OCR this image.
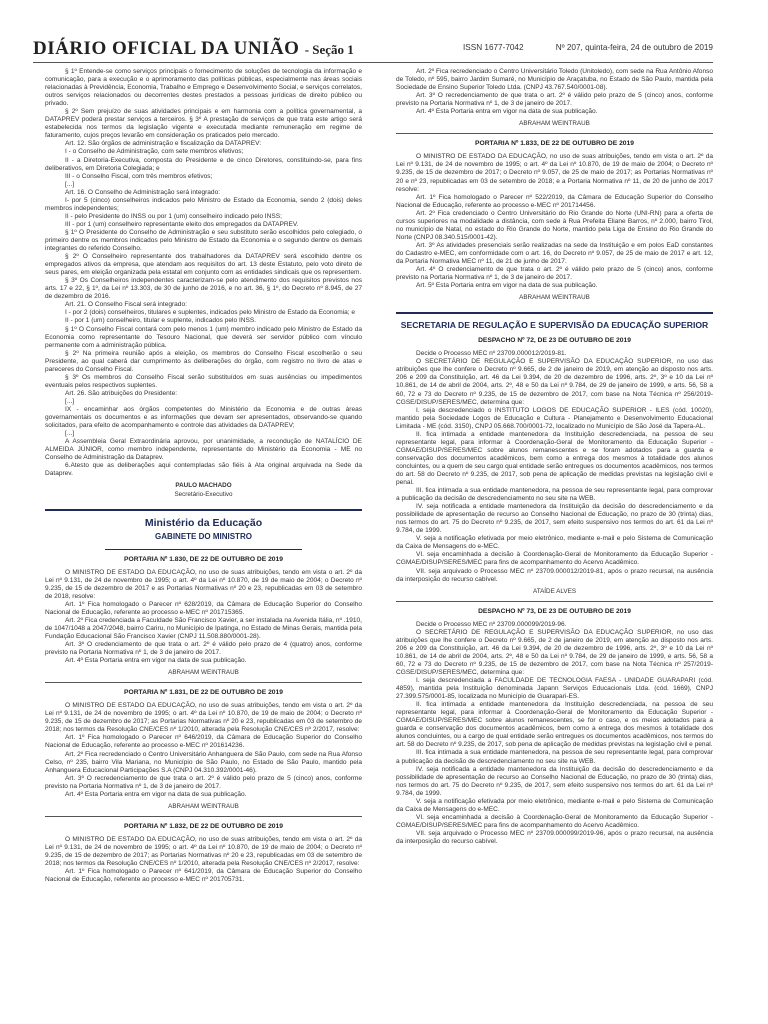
DIÁRIO OFICIAL DA UNIÃO - Seção 1	ISSN 1677-7042	Nº 207, quinta-feira, 24 de outubro de 2019

§ 1º Entende-se como serviços principais o fornecimento de soluções de tecnologia da informação e comunicação, para a execução e o aprimoramento das políticas públicas, especialmente nas áreas sociais relacionadas à Previdência, Economia, Trabalho e Emprego e Desenvolvimento Social, e serviços correlatos, outros serviços relacionados ou decorrentes destes prestados a pessoas jurídicas de direito público ou privado.

§ 2º Sem prejuízo de suas atividades principais e em harmonia com a política governamental, a DATAPREV poderá prestar serviços a terceiros. § 3º A prestação de serviços de que trata este artigo será estabelecida nos termos da legislação vigente e executada mediante remuneração em regime de faturamento, cujos preços levarão em consideração os praticados pelo mercado.

Art. 12. São órgãos de administração e fiscalização da DATAPREV:

I - o Conselho de Administração, com sete membros efetivos;

II - a Diretoria-Executiva, composta do Presidente e de cinco Diretores, constituindo-se, para fins deliberativos, em Diretoria Colegiada; e

III - o Conselho Fiscal, com três membros efetivos;

[...]

Art. 16. O Conselho de Administração será integrado:

I- por 5 (cinco) conselheiros indicados pelo Ministro de Estado da Economia, sendo 2 (dois) deles membros independentes;

II - pelo Presidente do INSS ou por 1 (um) conselheiro indicado pelo INSS;

III - por 1 (um) conselheiro representante eleito dos empregados da DATAPREV.

§ 1º O Presidente do Conselho de Administração e seu substituto serão escolhidos pelo colegiado, o primeiro dentre os membros indicados pelo Ministro de Estado da Economia e o segundo dentre os demais integrantes do referido Conselho.

§ 2º O Conselheiro representante dos trabalhadores da DATAPREV será escolhido dentre os empregados ativos da empresa, que atendam aos requisitos do art. 13 deste Estatuto, pelo voto direto de seus pares, em eleição organizada pela estatal em conjunto com as entidades sindicais que os representem.

§ 3º Os Conselheiros independentes caracterizam-se pelo atendimento dos requisitos previstos nos arts. 17 e 22, § 1º, da Lei nº 13.303, de 30 de junho de 2016, e no art. 36, § 1º, do Decreto nº 8.945, de 27 de dezembro de 2016.

Art. 21. O Conselho Fiscal será integrado:

I - por 2 (dois) conselheiros, titulares e suplentes, indicados pelo Ministro de Estado da Economia; e

II - por 1 (um) conselheiro, titular e suplente, indicados pelo INSS.

§ 1º O Conselho Fiscal contará com pelo menos 1 (um) membro indicado pelo Ministro de Estado da Economia como representante do Tesouro Nacional, que deverá ser servidor público com vínculo permanente com a administração pública.

§ 2º Na primeira reunião após a eleição, os membros do Conselho Fiscal escolherão o seu Presidente, ao qual caberá dar cumprimento às deliberações do órgão, com registro no livro de atas e pareceres do Conselho Fiscal.

§ 3º Os membros do Conselho Fiscal serão substituídos em suas ausências ou impedimentos eventuais pelos respectivos suplentes.

Art. 26. São atribuições do Presidente:

[...]

IX - encaminhar aos órgãos competentes do Ministério da Economia e de outras áreas governamentais os documentos e as informações que devam ser apresentados, observando-se quando solicitados, para efeito de acompanhamento e controle das atividades da DATAPREV;

[...]

A Assembleia Geral Extraordinária aprovou, por unanimidade, a recondução de NATALÍCIO DE ALMEIDA JÚNIOR, como membro independente, representante do Ministério da Economia - ME no Conselho de Administração da Dataprev.

6.Atesto que as deliberações aqui contempladas são fiéis à Ata original arquivada na Sede da Dataprev.

PAULO MACHADO
Secretário-Executivo
Ministério da Educação
GABINETE DO MINISTRO
PORTARIA Nº 1.830, DE 22 DE OUTUBRO DE 2019

O MINISTRO DE ESTADO DA EDUCAÇÃO, no uso de suas atribuições, tendo em vista o art. 2º da Lei nº 9.131, de 24 de novembro de 1995; o art. 4º da Lei nº 10.870, de 19 de maio de 2004; o Decreto nº 9.235, de 15 de dezembro de 2017 e as Portarias Normativas nº 20 e 23, republicadas em 03 de setembro de 2018, resolve:

Art. 1º Fica homologado o Parecer nº 628/2019, da Câmara de Educação Superior do Conselho Nacional de Educação, referente ao processo e-MEC nº 201715365.

Art. 2º Fica credenciada a Faculdade São Francisco Xavier, a ser instalada na Avenida Itália, nº .1910, de 1047/1048 a 2047/2048, bairro Cariru, no Município de Ipatinga, no Estado de Minas Gerais, mantida pela Fundação Educacional São Francisco Xavier (CNPJ 11.508.880/0001-28).

Art. 3º O credenciamento de que trata o art. 2º é válido pelo prazo de 4 (quatro) anos, conforme previsto na Portaria Normativa nº 1, de 3 de janeiro de 2017.

Art. 4º Esta Portaria entra em vigor na data de sua publicação.

ABRAHAM WEINTRAUB
PORTARIA Nº 1.831, DE 22 DE OUTUBRO DE 2019

O MINISTRO DE ESTADO DA EDUCAÇÃO, no uso de suas atribuições, tendo em vista o art. 2º da Lei nº 9.131, de 24 de novembro de 1995; o art. 4º da Lei nº 10.870, de 19 de maio de 2004; o Decreto nº 9.235, de 15 de dezembro de 2017; as Portarias Normativas nº 20 e 23, republicadas em 03 de setembro de 2018; nos termos da Resolução CNE/CES nº 1/2010, alterada pela Resolução CNE/CES nº 2/2017, resolve:

Art. 1º Fica homologado o Parecer nº 646/2019, da Câmara de Educação Superior do Conselho Nacional de Educação, referente ao processo e-MEC nº 201614236.

Art. 2º Fica recredenciado o Centro Universitário Anhanguera de São Paulo, com sede na Rua Afonso Celso, nº 235, bairro Vila Mariana, no Município de São Paulo, no Estado de São Paulo, mantido pela Anhanguera Educacional Participações S.A (CNPJ 04.310.392/0001-46).

Art. 3º O recredenciamento de que trata o art. 2º é válido pelo prazo de 5 (cinco) anos, conforme previsto na Portaria Normativa nº 1, de 3 de janeiro de 2017.

Art. 4º Esta Portaria entra em vigor na data de sua publicação.

ABRAHAM WEINTRAUB
PORTARIA Nº 1.832, DE 22 DE OUTUBRO DE 2019

O MINISTRO DE ESTADO DA EDUCAÇÃO, no uso de suas atribuições, tendo em vista o art. 2º da Lei nº 9.131, de 24 de novembro de 1995; o art. 4º da Lei nº 10.870, de 19 de maio de 2004; o Decreto nº 9.235, de 15 de dezembro de 2017; as Portarias Normativas nº 20 e 23, republicadas em 03 de setembro de 2018; nos termos da Resolução CNE/CES nº 1/2010, alterada pela Resolução CNE/CES nº 2/2017, resolve:

Art. 1º Fica homologado o Parecer nº 641/2019, da Câmara de Educação Superior do Conselho Nacional de Educação, referente ao processo e-MEC nº 201705731.

Art. 2º Fica recredenciado o Centro Universitário Toledo (Unitoledo), com sede na Rua Antônio Afonso de Toledo, nº 595, bairro Jardim Sumaré, no Município de Araçatuba, no Estado de São Paulo, mantida pela Sociedade de Ensino Superior Toledo Ltda. (CNPJ 43.767.540/0001-08).

Art. 3º O recredenciamento de que trata o art. 2º é válido pelo prazo de 5 (cinco) anos, conforme previsto na Portaria Normativa nº 1, de 3 de janeiro de 2017.

Art. 4º Esta Portaria entra em vigor na data de sua publicação.

ABRAHAM WEINTRAUB
PORTARIA Nº 1.833, DE 22 DE OUTUBRO DE 2019

O MINISTRO DE ESTADO DA EDUCAÇÃO, no uso de suas atribuições, tendo em vista o art. 2º da Lei nº 9.131, de 24 de novembro de 1995; o art. 4º da Lei nº 10.870, de 19 de maio de 2004; o Decreto nº 9.235, de 15 de dezembro de 2017; o Decreto nº 9.057, de 25 de maio de 2017; as Portarias Normativas nº 20 e nº 23, republicadas em 03 de setembro de 2018; e a Portaria Normativa nº 11, de 20 de junho de 2017 resolve:

Art. 1º Fica homologado o Parecer nº 522/2019, da Câmara de Educação Superior do Conselho Nacional de Educação, referente ao processo e-MEC nº 201714456.

Art. 2º Fica credenciado o Centro Universitário do Rio Grande do Norte (UNI-RN) para a oferta de cursos superiores na modalidade a distância, com sede à Rua Prefeita Eliane Barros, nº 2.000, bairro Tirol, no município de Natal, no estado do Rio Grande do Norte, mantido pela Liga de Ensino do Rio Grande do Norte (CNPJ 08.340.515/0001-42).

Art. 3º As atividades presenciais serão realizadas na sede da Instituição e em polos EaD constantes do Cadastro e-MEC, em conformidade com o art. 16, do Decreto nº 9.057, de 25 de maio de 2017 e art. 12, da Portaria Normativa MEC nº 11, de 21 de junho de 2017.

Art. 4º O credenciamento de que trata o art. 2º é válido pelo prazo de 5 (cinco) anos, conforme previsto na Portaria Normativa nº 1, de 3 de janeiro de 2017.

Art. 5º Esta Portaria entra em vigor na data de sua publicação.

ABRAHAM WEINTRAUB
SECRETARIA DE REGULAÇÃO E SUPERVISÃO DA EDUCAÇÃO SUPERIOR
DESPACHO Nº 72, DE 23 DE OUTUBRO DE 2019

Decide o Processo MEC nº 23709.000012/2019-81.

O SECRETÁRIO DE REGULAÇÃO E SUPERVISÃO DA EDUCAÇÃO SUPERIOR, no uso das atribuições que lhe confere o Decreto nº 9.665, de 2 de janeiro de 2019, em atenção ao disposto nos arts. 206 e 209 da Constituição, art. 46 da Lei 9.394, de 20 de dezembro de 1996, arts. 2º, 3º e 10 da Lei nº 10.861, de 14 de abril de 2004, arts. 2º, 48 e 50 da Lei nº 9.784, de 29 de janeiro de 1999, e arts. 56, 58 a 60, 72 e 73 do Decreto nº 9.235, de 15 de dezembro de 2017, com base na Nota Técnica nº 256/2019-CGSE/DISUP/SERES/MEC, determina que:

I. seja descredenciado o INSTITUTO LOGOS DE EDUCAÇÃO SUPERIOR - ILES (cód. 10020), mantido pela Sociedade Logos de Educação e Cultura - Planejamento e Desenvolvimento Educacional Limitada - ME (cód. 3150), CNPJ 05.668.700/0001-72, localizado no Município de São José da Tapera-AL.

II. fica intimada a entidade mantenedora da Instituição descredenciada, na pessoa de seu representante legal, para informar à Coordenação-Geral de Monitoramento da Educação Superior - CGMAE/DISUP/SERES/MEC sobre alunos remanescentes e se foram adotados para a guarda e conservação dos documentos acadêmicos, bem como a entrega dos mesmos à totalidade dos alunos concluintes, ou a quem de seu cargo qual entidade serão entregues os documentos acadêmicos, nos termos do art. 58 do Decreto nº 9.235, de 2017, sob pena de aplicação de medidas previstas na legislação civil e penal.

III. fica intimada a sua entidade mantenedora, na pessoa de seu representante legal, para comprovar a publicação da decisão de descredenciamento no seu site na WEB.

IV. seja notificada a entidade mantenedora da Instituição da decisão do descredenciamento e da possibilidade de apresentação de recurso ao Conselho Nacional de Educação, no prazo de 30 (trinta) dias, nos termos do art. 75 do Decreto nº 9.235, de 2017, sem efeito suspensivo nos termos do art. 61 da Lei nº 9.784, de 1999.

V. seja a notificação efetivada por meio eletrônico, mediante e-mail e pelo Sistema de Comunicação da Caixa de Mensagens do e-MEC.

VI. seja encaminhada a decisão à Coordenação-Geral de Monitoramento da Educação Superior - CGMAE/DISUP/SERES/MEC para fins de acompanhamento do Acervo Acadêmico.

VII. seja arquivado o Processo MEC nº 23709.000012/2019-81, após o prazo recursal, na ausência da interposição do recurso cabível.

ATAÍDE ALVES
DESPACHO Nº 73, DE 23 DE OUTUBRO DE 2019

Decide o Processo MEC nº 23709.000099/2019-96.

O SECRETÁRIO DE REGULAÇÃO E SUPERVISÃO DA EDUCAÇÃO SUPERIOR, no uso das atribuições que lhe confere o Decreto nº 9.665, de 2 de janeiro de 2019, em atenção ao disposto nos arts. 206 e 209 da Constituição, art. 46 da Lei 9.394, de 20 de dezembro de 1996, arts. 2º, 3º e 10 da Lei nº 10.861, de 14 de abril de 2004, arts. 2º, 48 e 50 da Lei nº 9.784, de 29 de janeiro de 1999, e arts. 56, 58 a 60, 72 e 73 do Decreto nº 9.235, de 15 de dezembro de 2017, com base na Nota Técnica nº 257/2019-CGSE/DISUP/SERES/MEC, determina que:

I. seja descredenciada a FACULDADE DE TECNOLOGIA FAESA - UNIDADE GUARAPARI (cód. 4859), mantida pela Instituição denominada Japann Serviços Educacionais Ltda. (cód. 1669), CNPJ 27.399.575/0001-85, localizada no Município de Guarapari-ES.

II. fica intimada a entidade mantenedora da Instituição descredenciada, na pessoa de seu representante legal, para informar à Coordenação-Geral de Monitoramento da Educação Superior - CGMAE/DISUP/SERES/MEC sobre alunos remanescentes, se for o caso, e os meios adotados para a guarda e conservação dos documentos acadêmicos, bem como a entrega dos mesmos à totalidade dos alunos concluintes, ou a cargo de qual entidade serão entregues os documentos acadêmicos, nos termos do art. 58 do Decreto nº 9.235, de 2017, sob pena de aplicação de medidas previstas na legislação civil e penal.

III. fica intimada a sua entidade mantenedora, na pessoa de seu representante legal, para comprovar a publicação da decisão de descredenciamento no seu site na WEB.

IV. seja notificada a entidade mantenedora da Instituição da decisão do descredenciamento e da possibilidade de apresentação de recurso ao Conselho Nacional de Educação, no prazo de 30 (trinta) dias, nos termos do art. 75 do Decreto nº 9.235, de 2017, sem efeito suspensivo nos termos do art. 61 da Lei nº 9.784, de 1999.

V. seja a notificação efetivada por meio eletrônico, mediante e-mail e pelo Sistema de Comunicação da Caixa de Mensagens do e-MEC.

VI. seja encaminhada a decisão à Coordenação-Geral de Monitoramento da Educação Superior - CGMAE/DISUP/SERES/MEC para fins de acompanhamento do Acervo Acadêmico.

VII. seja arquivado o Processo MEC nº 23709.000099/2019-96, após o prazo recursal, na ausência da interposição do recurso cabível.
